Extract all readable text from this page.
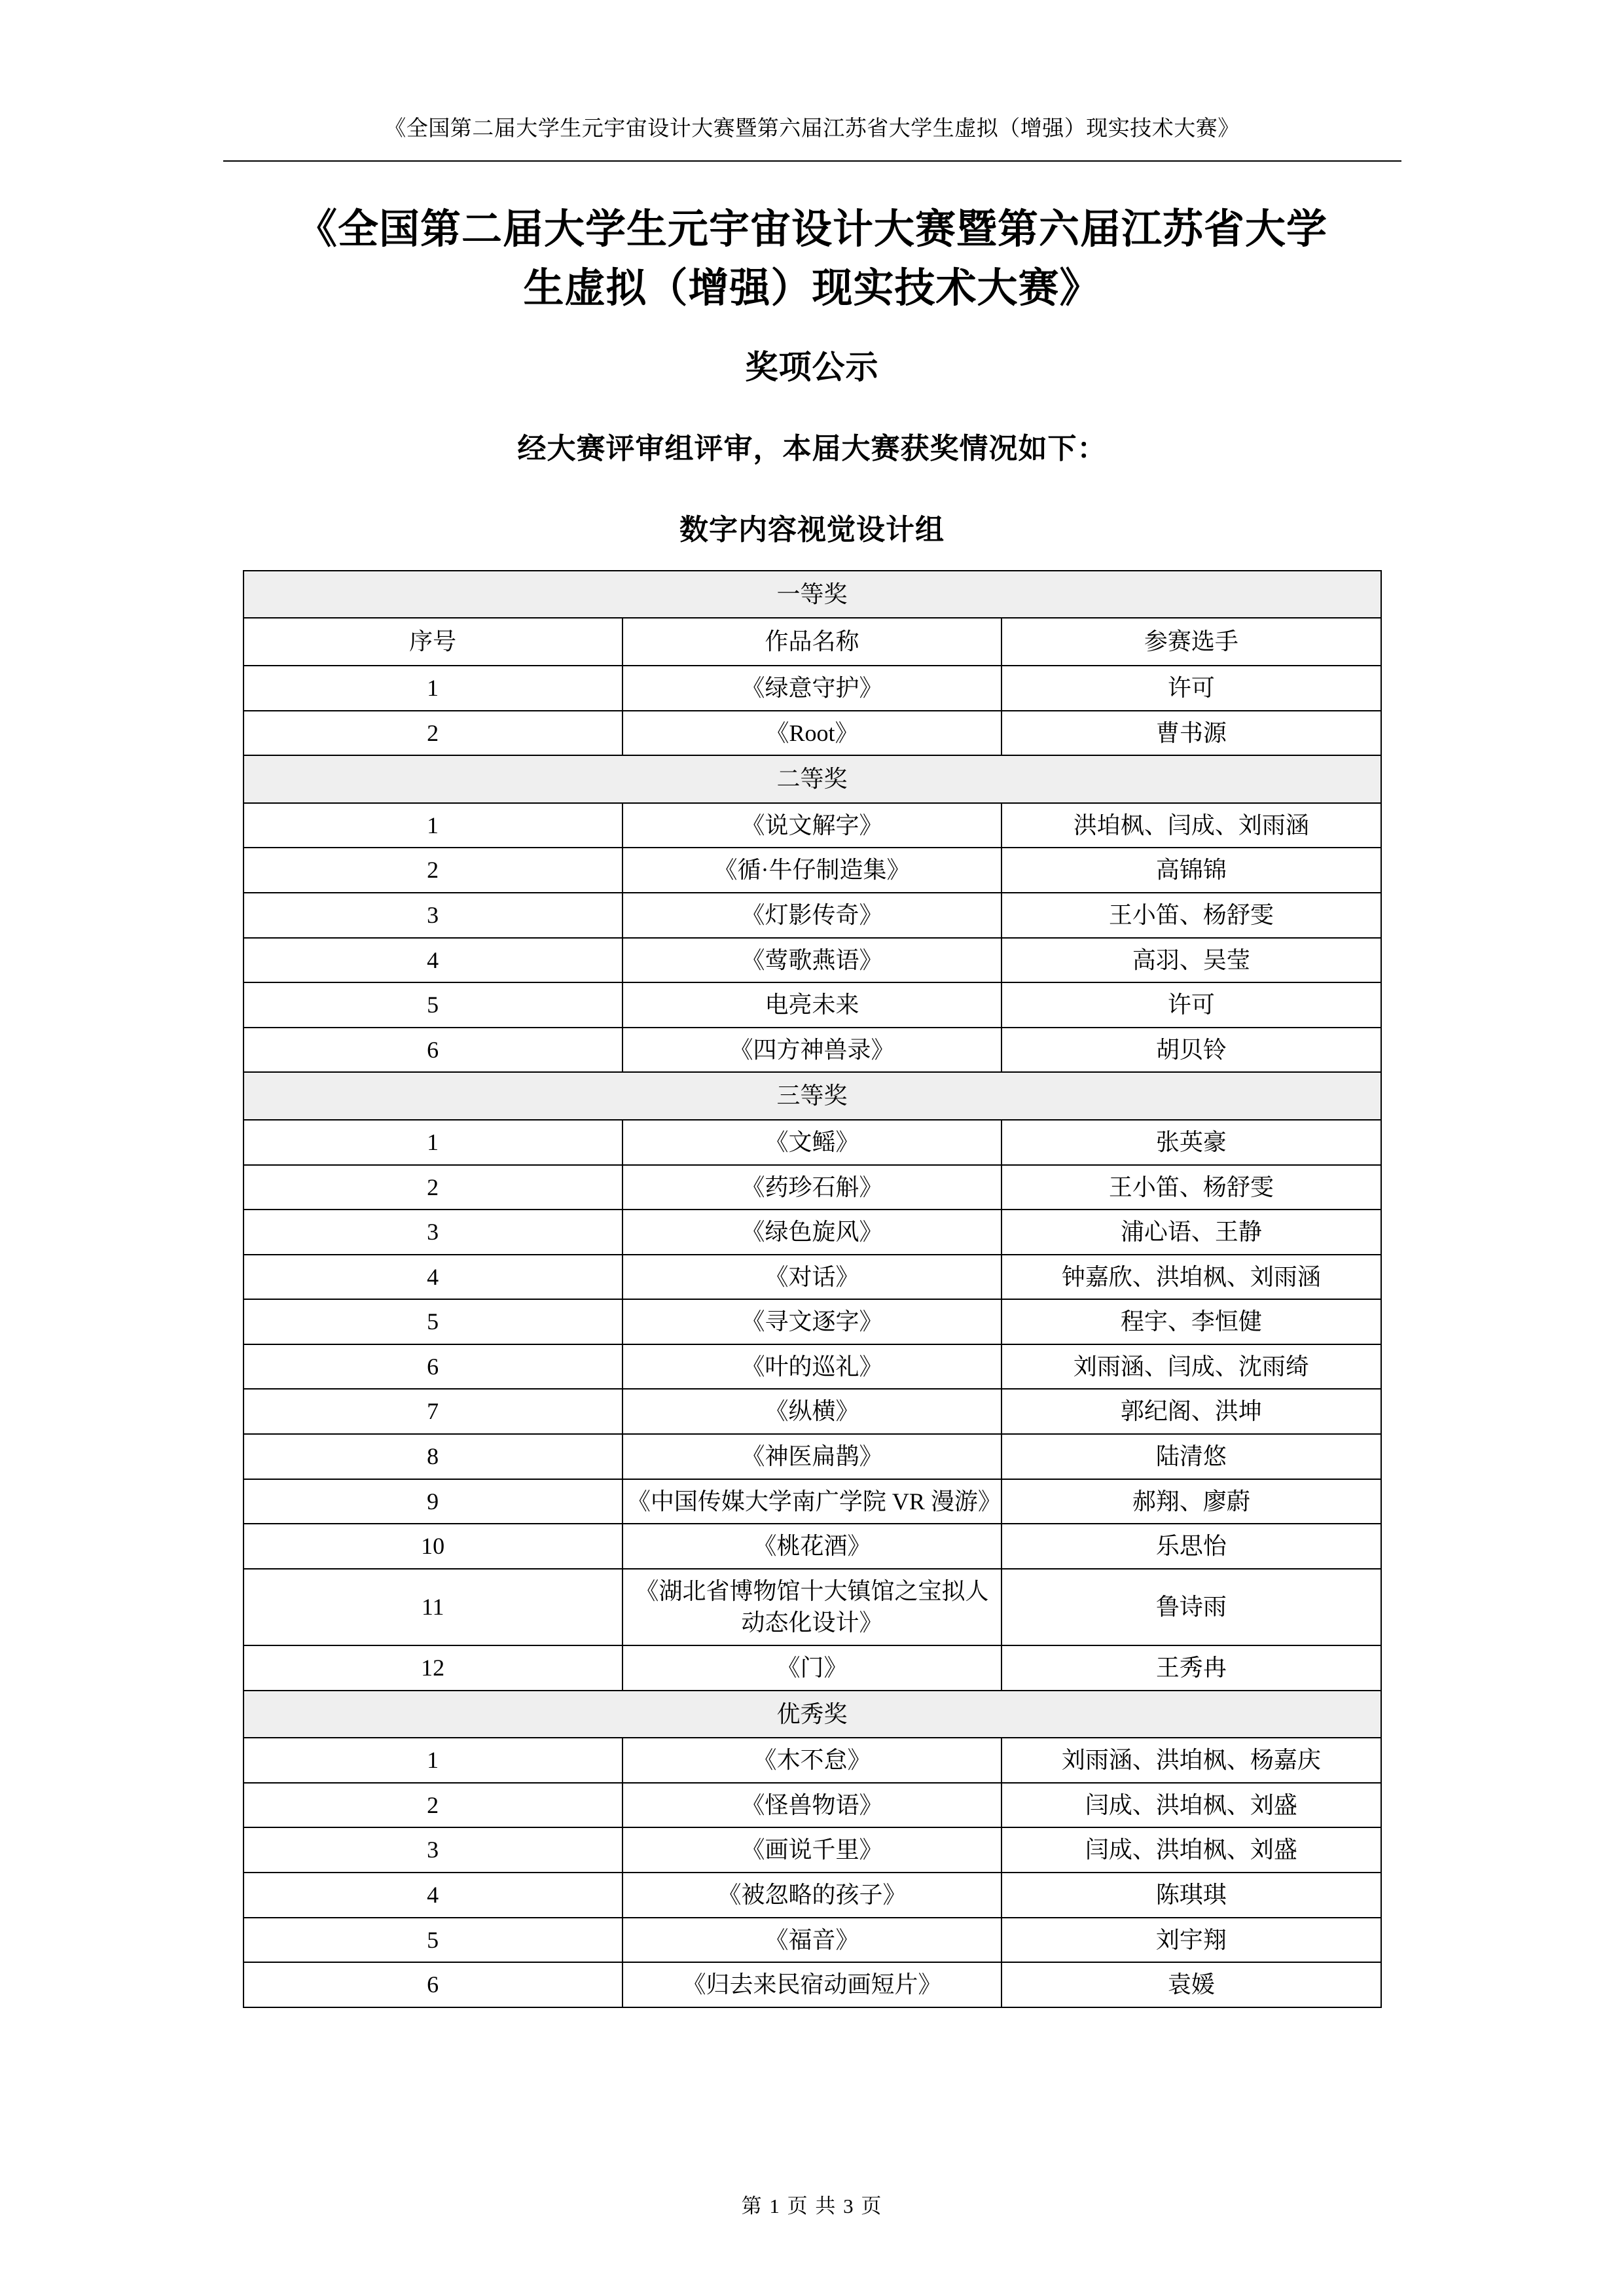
《全国第二届大学生元宇宙设计大赛暨第六届江苏省大学生虚拟（增强）现实技术大赛》
《全国第二届大学生元宇宙设计大赛暨第六届江苏省大学
生虚拟（增强）现实技术大赛》
奖项公示
经大赛评审组评审，本届大赛获奖情况如下：
数字内容视觉设计组
一等奖		
序号	作品名称	参赛选手
1	《绿意守护》	许可
2	《Root》	曹书源
二等奖		
1	《说文解字》	洪垍枫、闫成、刘雨涵
2	《循·牛仔制造集》	高锦锦
3	《灯影传奇》	王小笛、杨舒雯
4	《莺歌燕语》	高羽、吴莹
5	电亮未来	许可
6	《四方神兽录》	胡贝铃
三等奖		
1	《文鳐》	张英豪
2	《药珍石斛》	王小笛、杨舒雯
3	《绿色旋风》	浦心语、王静
4	《对话》	钟嘉欣、洪垍枫、刘雨涵
5	《寻文逐字》	程宇、李恒健
6	《叶的巡礼》	刘雨涵、闫成、沈雨绮
7	《纵横》	郭纪阁、洪坤
8	《神医扁鹊》	陆清悠
9	《中国传媒大学南广学院 VR 漫游》	郝翔、廖蔚
10	《桃花酒》	乐思怡
11	《湖北省博物馆十大镇馆之宝拟人动态化设计》	鲁诗雨
12	《门》	王秀冉
优秀奖		
1	《木不怠》	刘雨涵、洪垍枫、杨嘉庆
2	《怪兽物语》	闫成、洪垍枫、刘盛
3	《画说千里》	闫成、洪垍枫、刘盛
4	《被忽略的孩子》	陈琪琪
5	《福音》	刘宇翔
6	《归去来民宿动画短片》	袁媛
第 1 页 共 3 页
